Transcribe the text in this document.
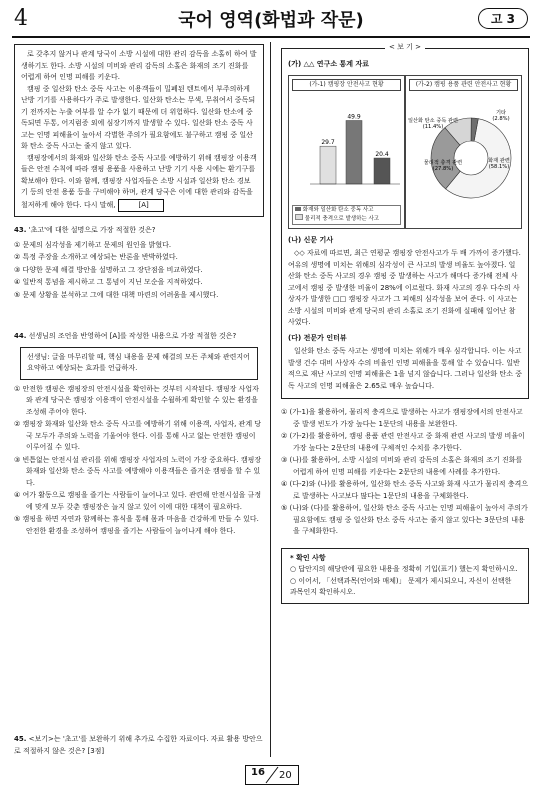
4	국어 영역(화법과 작문)	고 3

로 갖추지 않거나 관계 당국이 소방 시설에 대한 관리 감독을 소홀히 하여 발생하기도 한다. 소방 시설의 미비와 관리 감독의 소홀은 화재의 조기 진화를 어렵게 하여 인명 피해를 키운다.

캠핑 중 일산화 탄소 중독 사고는 이용객들이 밀폐된 텐트에서 부주의하게 난방 기기를 사용하다가 주로 발생한다. 일산화 탄소는 무색, 무취여서 중독되기 전까지는 누출 여부를 알 수가 없기 때문에 더 위험하다. 일산화 탄소에 중독되면 두통, 어지럼증 외에 심장기까지 발생할 수 있다. 일산화 탄소 중독 사고는 인명 피해율이 높아서 각별한 주의가 필요함에도 불구하고 캠핑 중 일산화 탄소 중독 사고는 줄지 않고 있다.

캠핑장에서의 화재와 일산화 탄소 중독 사고를 예방하기 위해 캠핑장 이용객들은 안전 수칙에 따라 캠핑 용품을 사용하고 난방 기기 사용 시에는 환기구를 확보해야 한다. 이와 함께, 캠핑장 사업자들은 소방 시설과 일산화 탄소 경보기 등의 안전 용품 등을 구비해야 하며, 관계 당국은 이에 대한 관리와 감독을 철저하게 해야 한다. 다시 말해,	[A]

43. '초고'에 대한 설명으로 가장 적절한 것은?
① 문제의 심각성을 제기하고 문제의 원인을 밝혔다.
② 특정 주장을 소개하고 예상되는 반론을 반박하였다.
③ 다양한 문제 해결 방안을 설명하고 그 장단점을 비교하였다.
④ 일반적 통념을 제시하고 그 통념이 지닌 모순을 지적하였다.
⑤ 문제 상황을 분석하고 그에 대한 대책 마련의 어려움을 제시했다.
44. 선생님의 조언을 반영하여 [A]를 작성한 내용으로 가장 적절한 것은?
선생님: 글을 마무리할 때, 핵심 내용을 문제 해결의 모든 주체와 관련지어 요약하고 예상되는 효과를 언급하자.
① 안전한 캠핑은 캠핑장의 안전시설을 확인하는 것부터 시작된다. 캠핑장 사업자와 관계 당국은 캠핑장 이용객이 안전시설을 수월하게 확인할 수 있는 환경을 조성해 주어야 한다.
② 캠핑장 화재와 일산화 탄소 중독 사고를 예방하기 위해 이용객, 사업자, 관계 당국 모두가 주의와 노력을 기울여야 한다. 이를 통해 사고 없는 안전한 캠핑이 이루어질 수 있다.
③ 빈틈없는 안전시설 관리를 위해 캠핑장 사업자의 노력이 가장 중요하다. 캠핑장 화재와 일산화 탄소 중독 사고를 예방해야 이용객들은 즐거운 캠핑을 할 수 있다.
④ 여가 활동으로 캠핑을 즐기는 사람들이 늘어나고 있다. 관련해 안전시설을 규정에 맞게 모두 갖춘 캠핑장은 늘지 않고 있어 이에 대한 대책이 필요하다.
⑤ 캠핑을 하면 자연과 함께하는 휴식을 통해 몸과 마음을 건강하게 만들 수 있다. 안전한 환경을 조성하여 캠핑을 즐기는 사람들이 늘어나게 해야 한다.
45. <보기>는 '초고'를 보완하기 위해 추가로 수집한 자료이다. 자료 활용 방안으로 적절하지 않은 것은? [3점]
< 보 기 >
(가) △△ 연구소 통계 자료
(가-1) 캠핑장 안전사고 현황
29.7
49.9
20.4
화재와 일산화 탄소 중독 사고
물리적 충격으로 발생하는 사고
(가-2) 캠핑 용품 관련 안전사고 현황
화재 관련
(58.1%)
물리적 충격 관련
(27.8%)
일산화 탄소 중독 관련
(11.4%)
기타
(2.8%)
(나) 신문 기사
◇◇ 자료에 따르면, 최근 연평균 캠핑장 안전사고가 두 배 가까이 증가했다. 여유의 생명에 미치는 위해의 심각성이 큰 사고의 발생 비율도 높아졌다. 일산화 탄소 중독 사고의 경우 캠핑 중 발생하는 사고가 해마다 증가해 전체 사고에서 캠핑 중 발생한 비율이 28%에 이르렀다. 화재 사고의 경우 다수의 사상자가 발생한 □□ 캠핑장 사고가 그 피해의 심각성을 보여 준다. 이 사고는 소방 시설의 미비와 관계 당국의 관리 소홀로 조기 진화에 실패해 일어난 참사였다.
(다) 전문가 인터뷰
일산화 탄소 중독 사고는 생명에 미치는 위해가 매우 심각합니다. 이는 사고 발생 건수 대비 사상자 수의 비율인 인명 피해율을 통해 알 수 있습니다. 일반적으로 재난 사고의 인명 피해율은 1을 넘지 않습니다. 그러나 일산화 탄소 중독 사고의 인명 피해율은 2.65로 매우 높습니다.
① (가-1)을 활용하여, 물리적 충격으로 발생하는 사고가 캠핑장에서의 안전사고 중 발생 빈도가 가장 높다는 1문단의 내용을 보완한다.
② (가-2)를 활용하여, 캠핑 용품 관련 안전사고 중 화재 관련 사고의 발생 비율이 가장 높다는 2문단의 내용에 구체적인 수치를 추가한다.
③ (나)를 활용하여, 소방 시설의 미비와 관리 감독의 소홀은 화재의 조기 진화를 어렵게 하여 인명 피해를 키운다는 2문단의 내용에 사례를 추가한다.
④ (다-2)와 (나)를 활용하여, 일산화 탄소 중독 사고와 화재 사고가 물리적 충격으로 발생하는 사고보다 많다는 1문단의 내용을 구체화한다.
⑤ (나)와 (다)를 활용하여, 일산화 탄소 중독 사고는 인명 피해율이 높아서 주의가 필요함에도 캠핑 중 일산화 탄소 중독 사고는 줄지 않고 있다는 3문단의 내용을 구체화한다.
* 확인 사항
○ 답안지의 해당란에 필요한 내용을 정확히 기입(표기) 했는지 확인하시오.
○ 이어서, 「선택과목(언어와 매체)」 문제가 제시되오니, 자신이 선택한 과목인지 확인하시오.
16 20
